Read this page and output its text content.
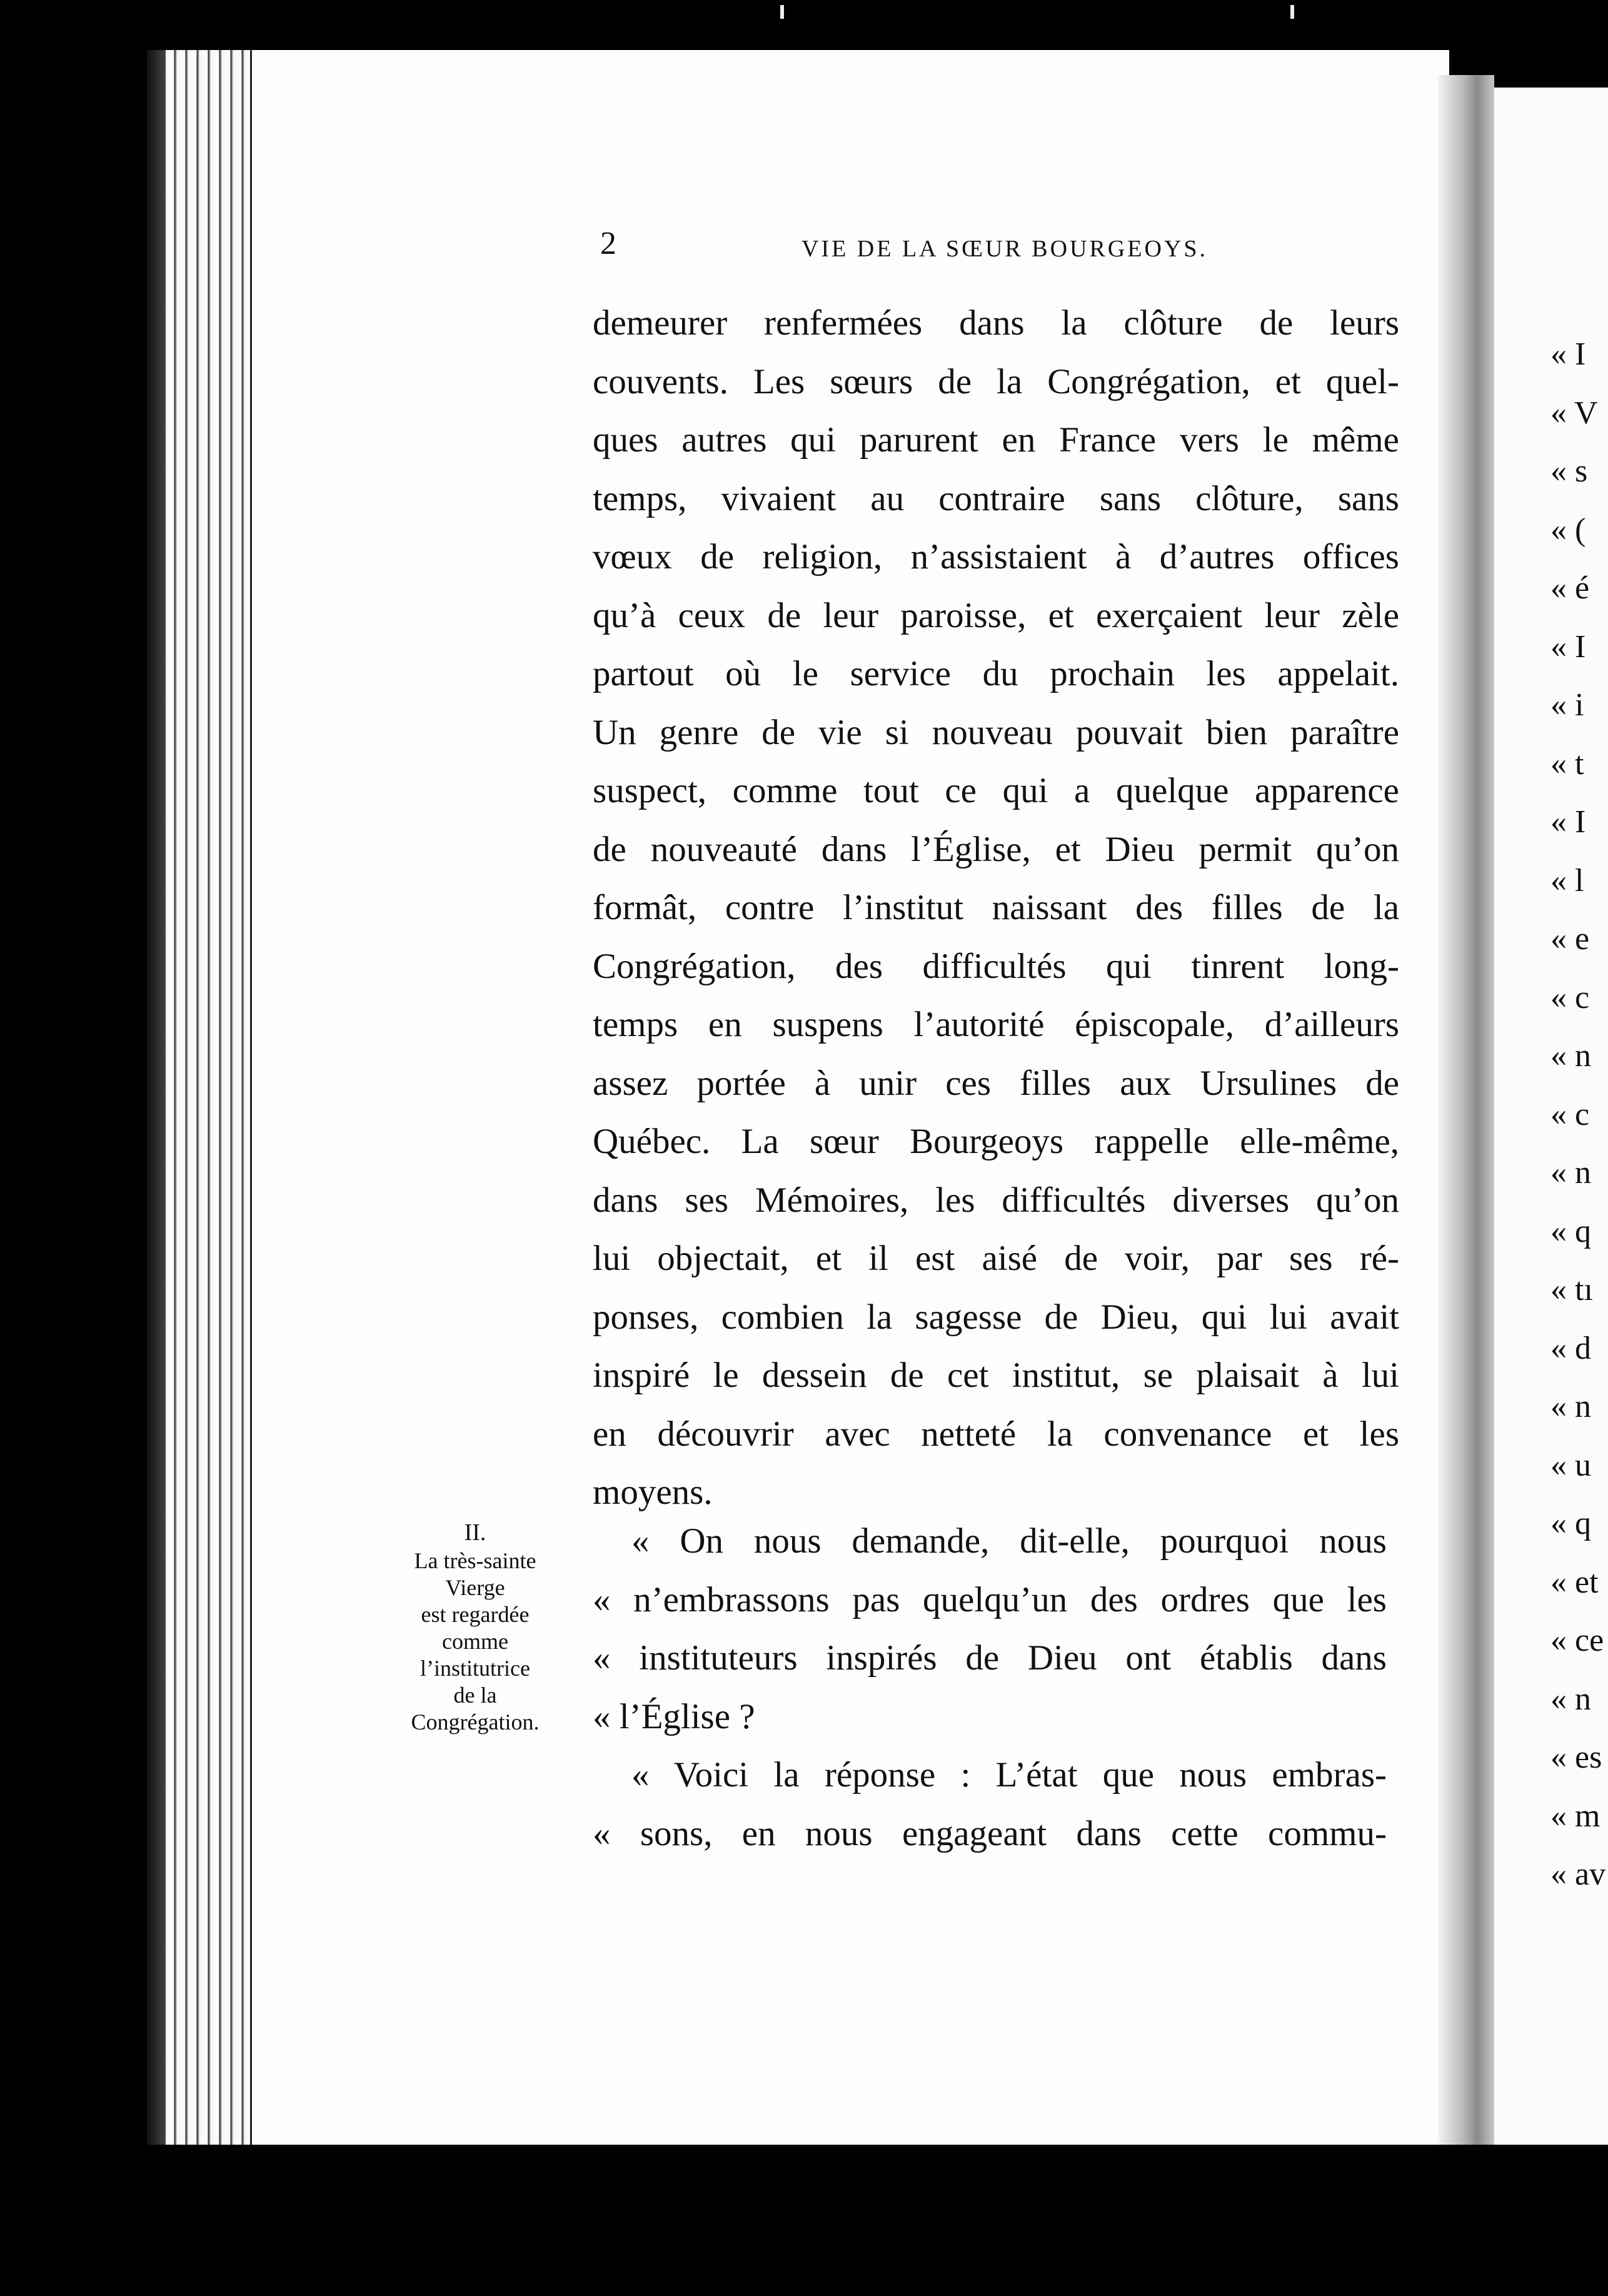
« I
« V
« s
« (
« é
« I
« i
« t
« I
« l
« e
« c
« n
« c
« n
« q
« tı
« d
« n
« u
« q
« et
« ce
« n
« es
« m
« av
2	VIE DE LA SŒUR BOURGEOYS.
demeurer renfermées dans la clôture de leurs
couvents. Les sœurs de la Congrégation, et quel-
ques autres qui parurent en France vers le même
temps, vivaient au contraire sans clôture, sans
vœux de religion, n’assistaient à d’autres offices
qu’à ceux de leur paroisse, et exerçaient leur zèle
partout où le service du prochain les appelait.
Un genre de vie si nouveau pouvait bien paraître
suspect, comme tout ce qui a quelque apparence
de nouveauté dans l’Église, et Dieu permit qu’on
formât, contre l’institut naissant des filles de la
Congrégation, des difficultés qui tinrent long-
temps en suspens l’autorité épiscopale, d’ailleurs
assez portée à unir ces filles aux Ursulines de
Québec. La sœur Bourgeoys rappelle elle-même,
dans ses Mémoires, les difficultés diverses qu’on
lui objectait, et il est aisé de voir, par ses ré-
ponses, combien la sagesse de Dieu, qui lui avait
inspiré le dessein de cet institut, se plaisait à lui
en découvrir avec netteté la convenance et les
moyens.
« On nous demande, dit-elle, pourquoi nous
« n’embrassons pas quelqu’un des ordres que les
« instituteurs inspirés de Dieu ont établis dans
« l’Église ?
« Voici la réponse : L’état que nous embras-
« sons, en nous engageant dans cette commu-
II.
La très-sainte
Vierge
est regardée
comme
l’institutrice
de la
Congrégation.
